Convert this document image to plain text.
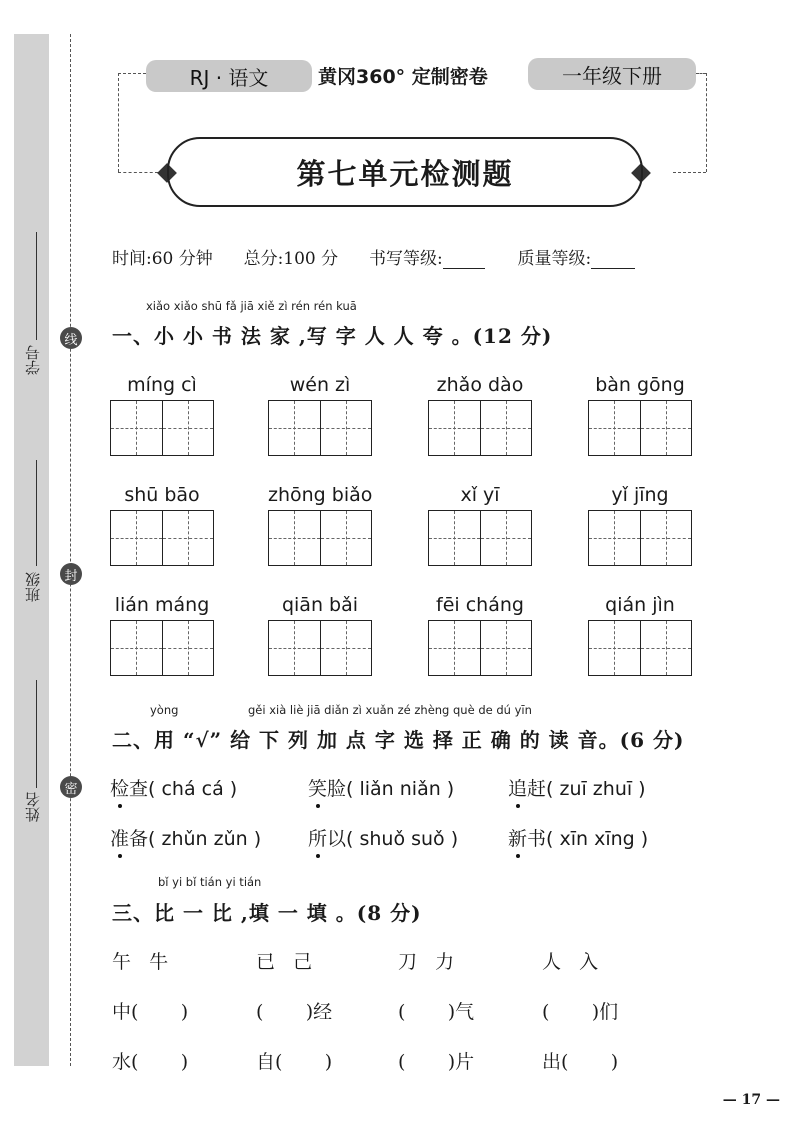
学号
班级
姓名
线
封
密
RJ · 语文	黄冈360° 定制密卷	一年级下册
第七单元检测题
时间:60 分钟 总分:100 分 书写等级:	质量等级:
xiǎo xiǎo shū fǎ jiā xiě zì rén rén kuā
一、小 小 书 法 家 ,写 字 人 人 夸 。(12 分)
míng cì	wén zì	zhǎo dào	bàn gōng
shū bāo	zhōng biǎo	xǐ yī	yǐ jīng
lián máng	qiān bǎi	fēi cháng	qián jìn
yòng	gěi xià liè jiā diǎn zì xuǎn zé zhèng què de dú yīn
二、用 “√” 给 下 列 加 点 字 选 择 正 确 的 读 音。(6 分)
检查( chá cá )	笑脸( liǎn niǎn )	追赶( zuī zhuī )
准备( zhǔn zǔn ) 所以( shuǒ suǒ )	新书( xīn xīng )
bǐ yi bǐ tián yi tián
三、比 一 比 ,填 一 填 。(8 分)
午   牛	已   己	刀   力	人   入
中(       )	(       )经	(       )气	(       )们
水(       )	自(       )	(       )片	出(       )
— 17 —
